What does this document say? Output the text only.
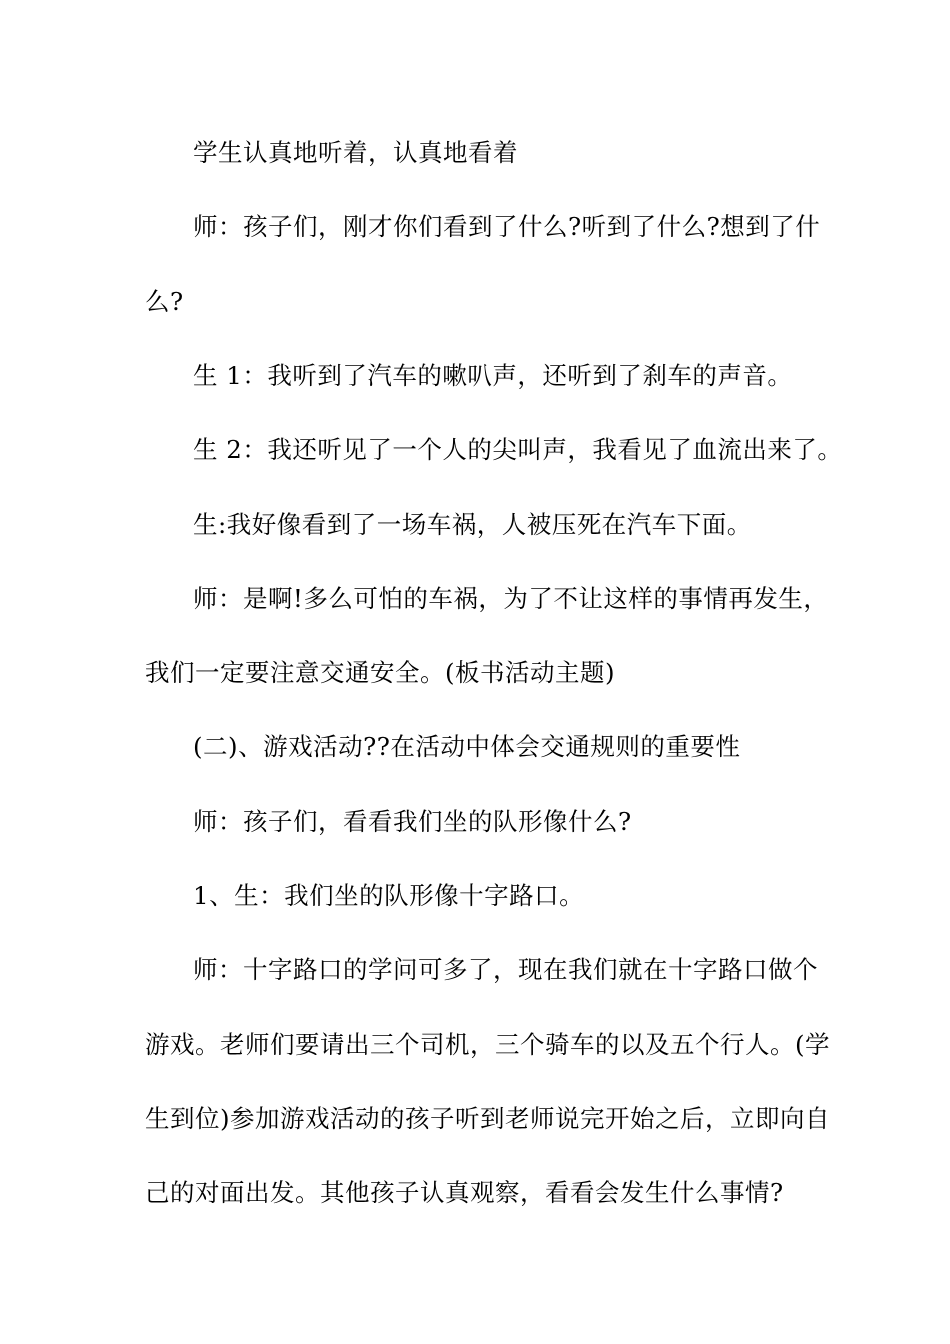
学生认真地听着，认真地看着
师：孩子们，刚才你们看到了什么?听到了什么?想到了什
么?
生 1：我听到了汽车的嗽叭声，还听到了刹车的声音。
生 2：我还听见了一个人的尖叫声，我看见了血流出来了。
生:我好像看到了一场车祸，人被压死在汽车下面。
师：是啊!多么可怕的车祸，为了不让这样的事情再发生，
我们一定要注意交通安全。(板书活动主题)
(二)、游戏活动??在活动中体会交通规则的重要性
师：孩子们，看看我们坐的队形像什么?
1、生：我们坐的队形像十字路口。
师：十字路口的学问可多了，现在我们就在十字路口做个
游戏。老师们要请出三个司机，三个骑车的以及五个行人。(学
生到位)参加游戏活动的孩子听到老师说完开始之后，立即向自
己的对面出发。其他孩子认真观察，看看会发生什么事情?
